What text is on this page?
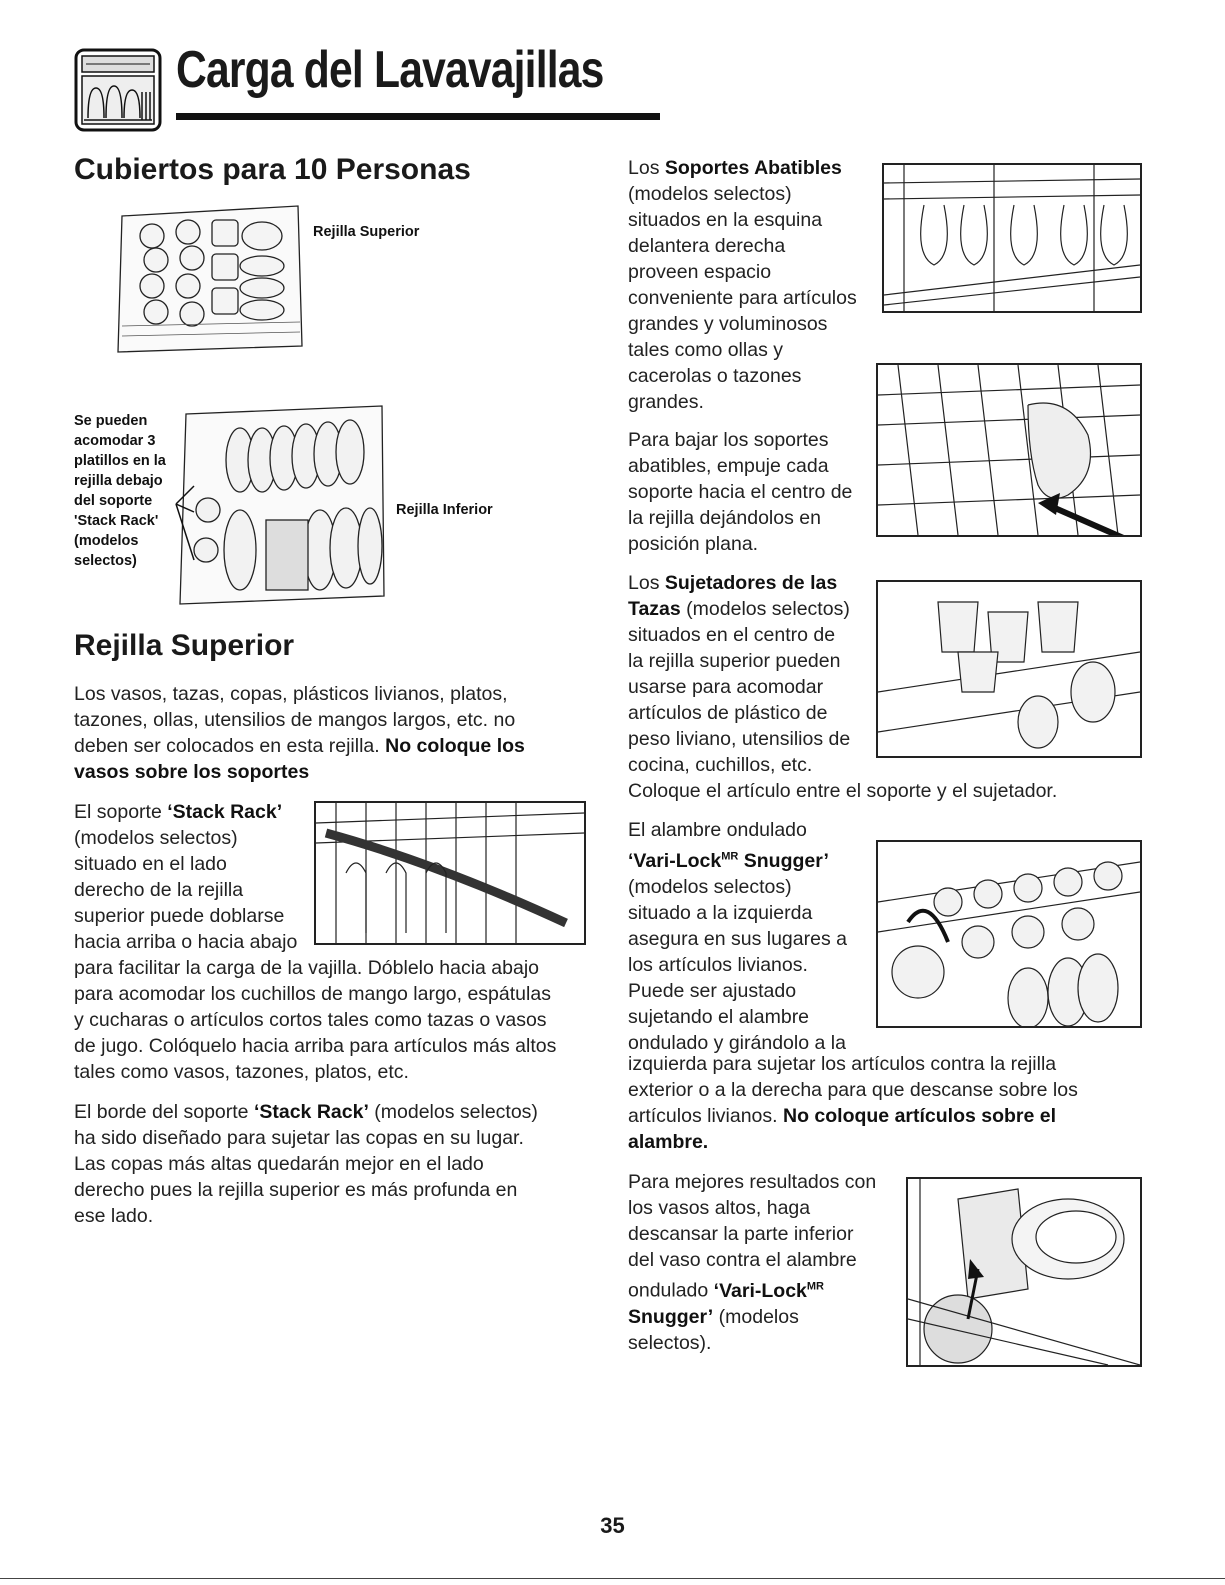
Carga del Lavavajillas
Cubiertos para 10 Personas
Rejilla Superior
Se pueden
acomodar 3
platillos en la
rejilla debajo
del soporte
'Stack Rack'
(modelos
selectos)
Rejilla Inferior
Rejilla Superior
Los vasos, tazas, copas, plásticos livianos, platos, tazones, ollas, utensilios de mangos largos, etc. no deben ser colocados en esta rejilla. No coloque los vasos sobre los soportes
El soporte ‘Stack Rack’
(modelos selectos)
situado en el lado
derecho de la rejilla
superior puede doblarse
hacia arriba o hacia abajo
para facilitar la carga de la vajilla. Dóblelo hacia abajo
para acomodar los cuchillos de mango largo, espátulas
y cucharas o artículos cortos tales como tazas o vasos
de jugo. Colóquelo hacia arriba para artículos más altos
tales como vasos, tazones, platos, etc.
El borde del soporte ‘Stack Rack’ (modelos selectos)
ha sido diseñado para sujetar las copas en su lugar.
Las copas más altas quedarán mejor en el lado
derecho pues la rejilla superior es más profunda en
ese lado.
Los Soportes Abatibles
(modelos selectos)
situados en la esquina
delantera derecha
proveen espacio
conveniente para artículos
grandes y voluminosos
tales como ollas y
cacerolas o tazones
grandes.
Para bajar los soportes
abatibles, empuje cada
soporte hacia el centro de
la rejilla dejándolos en
posición plana.
Los Sujetadores de las
Tazas (modelos selectos)
situados en el centro de
la rejilla superior pueden
usarse para acomodar
artículos de plástico de
peso liviano, utensilios de
cocina, cuchillos, etc.
Coloque el artículo entre el soporte y el sujetador.
El alambre ondulado
‘Vari-Lock$^{MR}$ Snugger’
(modelos selectos)
situado a la izquierda
asegura en sus lugares a
los artículos livianos.
Puede ser ajustado
sujetando el alambre
ondulado y girándolo a la
izquierda para sujetar los artículos contra la rejilla
exterior o a la derecha para que descanse sobre los
artículos livianos. No coloque artículos sobre el
alambre.
Para mejores resultados con
los vasos altos, haga
descansar la parte inferior
del vaso contra el alambre
ondulado ‘Vari-Lock$^{MR}$
Snugger’ (modelos
selectos).
35
